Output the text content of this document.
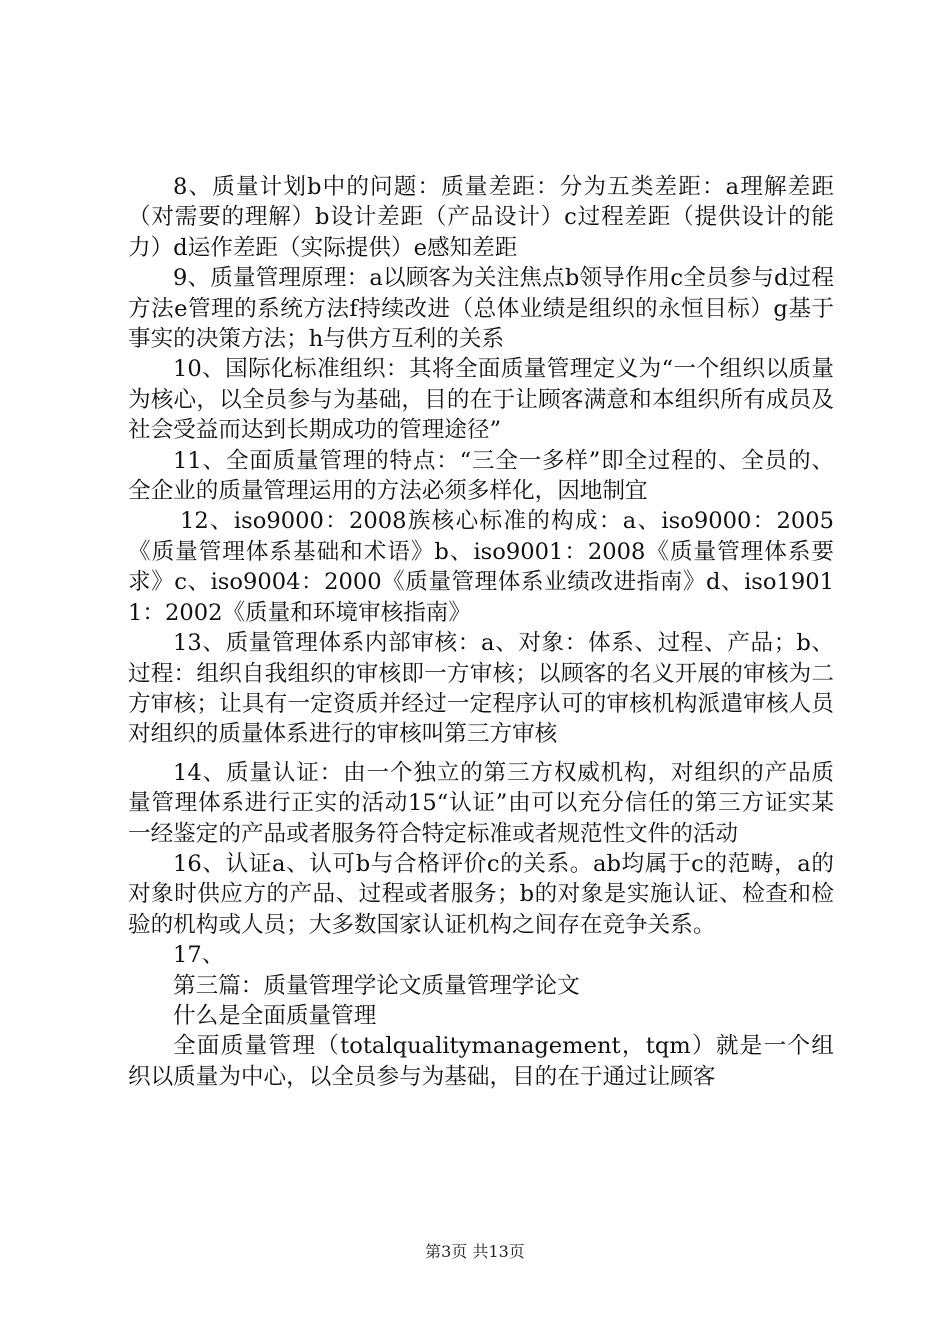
8、质量计划b中的问题：质量差距：分为五类差距：a理解差距（对需要的理解）b设计差距（产品设计）c过程差距（提供设计的能力）d运作差距（实际提供）e感知差距

9、质量管理原理：a以顾客为关注焦点b领导作用c全员参与d过程方法e管理的系统方法f持续改进（总体业绩是组织的永恒目标）g基于事实的决策方法；h与供方互利的关系

10、国际化标准组织：其将全面质量管理定义为“一个组织以质量为核心，以全员参与为基础，目的在于让顾客满意和本组织所有成员及社会受益而达到长期成功的管理途径”

11、全面质量管理的特点：“三全一多样”即全过程的、全员的、全企业的质量管理运用的方法必须多样化，因地制宜

12、iso9000：2008族核心标准的构成：a、iso9000：2005《质量管理体系基础和术语》b、iso9001：2008《质量管理体系要求》c、iso9004：2000《质量管理体系业绩改进指南》d、iso19011：2002《质量和环境审核指南》

13、质量管理体系内部审核：a、对象：体系、过程、产品；b、过程：组织自我组织的审核即一方审核；以顾客的名义开展的审核为二方审核；让具有一定资质并经过一定程序认可的审核机构派遣审核人员对组织的质量体系进行的审核叫第三方审核

14、质量认证：由一个独立的第三方权威机构，对组织的产品质量管理体系进行正实的活动15“认证”由可以充分信任的第三方证实某一经鉴定的产品或者服务符合特定标准或者规范性文件的活动

16、认证a、认可b与合格评价c的关系。ab均属于c的范畴，a的对象时供应方的产品、过程或者服务；b的对象是实施认证、检查和检验的机构或人员；大多数国家认证机构之间存在竞争关系。

17、

第三篇：质量管理学论文质量管理学论文

什么是全面质量管理

全面质量管理（totalqualitymanagement，tqm）就是一个组织以质量为中心，以全员参与为基础，目的在于通过让顾客

第3页 共13页
